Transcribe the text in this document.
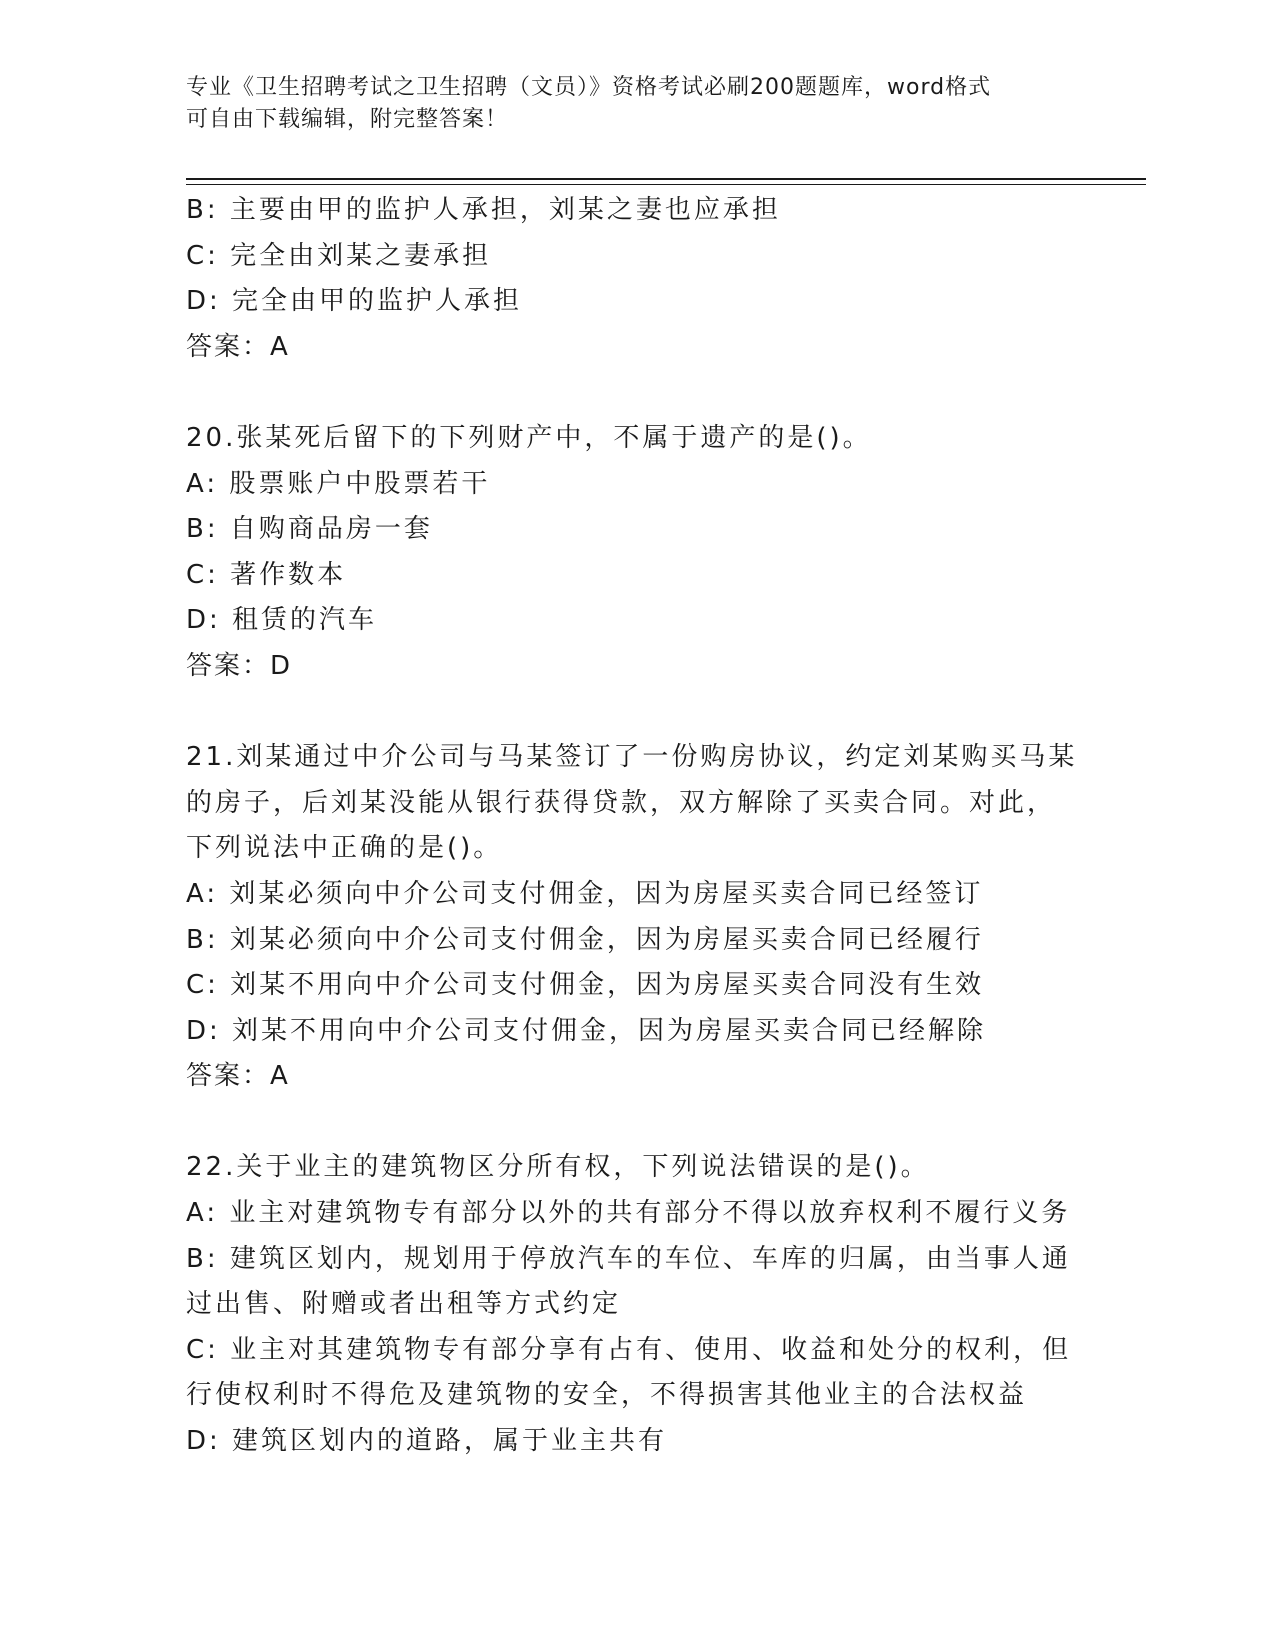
专业《卫生招聘考试之卫生招聘（文员）》资格考试必刷200题题库，word格式
可自由下载编辑，附完整答案！
B: 主要由甲的监护人承担，刘某之妻也应承担
C: 完全由刘某之妻承担
D: 完全由甲的监护人承担
答案：A
20.张某死后留下的下列财产中，不属于遗产的是()。
A: 股票账户中股票若干
B: 自购商品房一套
C: 著作数本
D: 租赁的汽车
答案：D
21.刘某通过中介公司与马某签订了一份购房协议，约定刘某购买马某
的房子，后刘某没能从银行获得贷款，双方解除了买卖合同。对此，
下列说法中正确的是()。
A: 刘某必须向中介公司支付佣金，因为房屋买卖合同已经签订
B: 刘某必须向中介公司支付佣金，因为房屋买卖合同已经履行
C: 刘某不用向中介公司支付佣金，因为房屋买卖合同没有生效
D: 刘某不用向中介公司支付佣金，因为房屋买卖合同已经解除
答案：A
22.关于业主的建筑物区分所有权，下列说法错误的是()。
A: 业主对建筑物专有部分以外的共有部分不得以放弃权利不履行义务
B: 建筑区划内，规划用于停放汽车的车位、车库的归属，由当事人通
过出售、附赠或者出租等方式约定
C: 业主对其建筑物专有部分享有占有、使用、收益和处分的权利，但
行使权利时不得危及建筑物的安全，不得损害其他业主的合法权益
D: 建筑区划内的道路，属于业主共有
